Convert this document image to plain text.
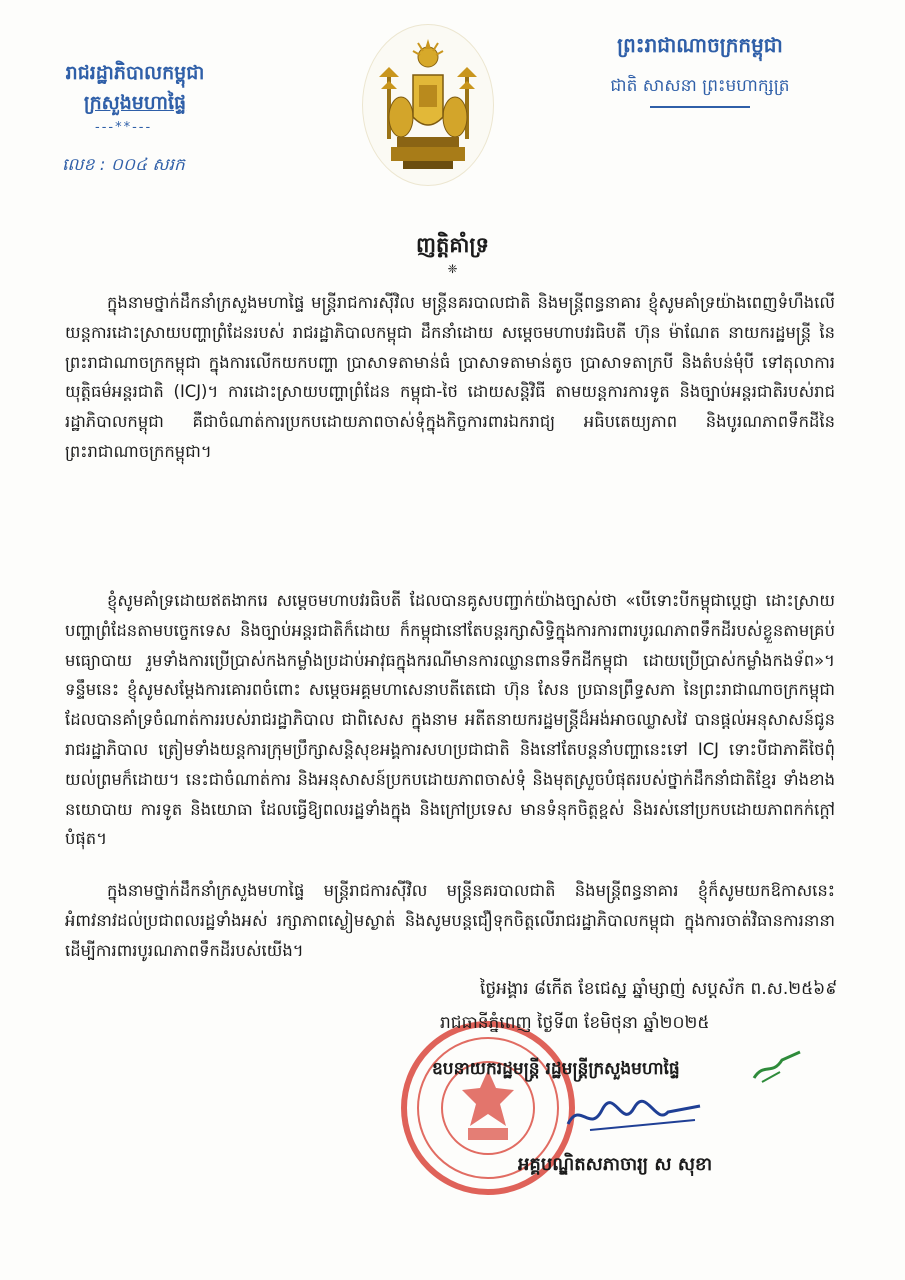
រាជរដ្ឋាភិបាលកម្ពុជា
ក្រសួងមហាផ្ទៃ
---**---
លេខ : ០០៤ សរក
ព្រះរាជាណាចក្រកម្ពុជា
ជាតិ សាសនា ព្រះមហាក្សត្រ
ញត្តិគាំទ្រ
❈
ក្នុងនាមថ្នាក់ដឹកនាំក្រសួងមហាផ្ទៃ មន្រ្តីរាជការស៊ីវិល មន្រ្តីនគរបាលជាតិ និងមន្រ្តីពន្ធនាគារ ខ្ញុំសូមគាំទ្រយ៉ាងពេញទំហឹងលើយន្តការដោះស្រាយបញ្ហាព្រំដែនរបស់ រាជរដ្ឋាភិបាលកម្ពុជា ដឹកនាំដោយ សម្តេចមហាបវរធិបតី ហ៊ុន ម៉ាណែត នាយករដ្ឋមន្ត្រី នៃព្រះរាជាណាចក្រកម្ពុជា ក្នុងការលើកយកបញ្ហា ប្រាសាទតាមាន់ធំ ប្រាសាទតាមាន់តូច ប្រាសាទតាក្របី និងតំបន់មុំបី ទៅតុលាការយុត្តិធម៌អន្តរជាតិ (ICJ)។ ការដោះស្រាយបញ្ហាព្រំដែន កម្ពុជា-ថៃ ដោយសន្តិវិធី តាមយន្តការការទូត និងច្បាប់អន្តរជាតិរបស់រាជរដ្ឋាភិបាលកម្ពុជា គឺជាចំណាត់ការប្រកបដោយភាពចាស់ទុំក្នុងកិច្ចការពារឯករាជ្យ អធិបតេយ្យភាព និងបូរណភាពទឹកដីនៃព្រះរាជាណាចក្រកម្ពុជា។
ខ្ញុំសូមគាំទ្រដោយឥតងាករេ សម្តេចមហាបវរធិបតី ដែលបានគូសបញ្ជាក់យ៉ាងច្បាស់ថា «បើទោះបីកម្ពុជាប្តេជ្ញា ដោះស្រាយបញ្ហាព្រំដែនតាមបច្ចេកទេស និងច្បាប់អន្តរជាតិក៏ដោយ ក៏កម្ពុជានៅតែបន្តរក្សាសិទ្ធិក្នុងការការពារបូរណភាពទឹកដីរបស់ខ្លួនតាមគ្រប់មធ្យោបាយ រួមទាំងការប្រើប្រាស់កងកម្លាំងប្រដាប់អាវុធក្នុងករណីមានការឈ្លានពានទឹកដីកម្ពុជា ដោយប្រើប្រាស់កម្លាំងកងទ័ព»។ ទន្ទឹមនេះ ខ្ញុំសូមសម្តែងការគោរពចំពោះ សម្តេចអគ្គមហាសេនាបតីតេជោ ហ៊ុន សែន ប្រធានព្រឹទ្ធសភា នៃព្រះរាជាណាចក្រកម្ពុជា ដែលបានគាំទ្រចំណាត់ការរបស់រាជរដ្ឋាភិបាល ជាពិសេស ក្នុងនាម អតីតនាយករដ្ឋមន្ត្រីដ៏អង់អាចឈ្លាសវៃ បានផ្តល់អនុសាសន៍ជូនរាជរដ្ឋាភិបាល ត្រៀមទាំងយន្តការក្រុមប្រឹក្សាសន្តិសុខអង្គការសហប្រជាជាតិ និងនៅតែបន្តនាំបញ្ហានេះទៅ ICJ ទោះបីជាភាគីថៃពុំយល់ព្រមក៏ដោយ។ នេះជាចំណាត់ការ និងអនុសាសន៍ប្រកបដោយភាពចាស់ទុំ និងមុតស្រួចបំផុតរបស់ថ្នាក់ដឹកនាំជាតិខ្មែរ ទាំងខាងនយោបាយ ការទូត និងយោធា ដែលធ្វើឱ្យពលរដ្ឋទាំងក្នុង និងក្រៅប្រទេស មានទំនុកចិត្តខ្ពស់ និងរស់នៅប្រកបដោយភាពកក់ក្តៅបំផុត។
ក្នុងនាមថ្នាក់ដឹកនាំក្រសួងមហាផ្ទៃ មន្រ្តីរាជការស៊ីវិល មន្រ្តីនគរបាលជាតិ និងមន្រ្តីពន្ធនាគារ ខ្ញុំក៏សូមយកឱកាសនេះ អំពាវនាវដល់ប្រជាពលរដ្ឋទាំងអស់ រក្សាភាពស្ងៀមស្ងាត់ និងសូមបន្តជឿទុកចិត្តលើរាជរដ្ឋាភិបាលកម្ពុជា ក្នុងការចាត់វិធានការនានាដើម្បីការពារបូរណភាពទឹកដីរបស់យើង។
ថ្ងៃអង្គារ ៨កើត ខែជេស្ឋ ឆ្នាំម្សាញ់ សប្តស័ក ព.ស.២៥៦៩
រាជធានីភ្នំពេញ ថ្ងៃទី៣ ខែមិថុនា ឆ្នាំ២០២៥
ឧបនាយករដ្ឋមន្ត្រី រដ្ឋមន្ត្រីក្រសួងមហាផ្ទៃ
អគ្គបណ្ឌិតសភាចារ្យ ស សុខា
